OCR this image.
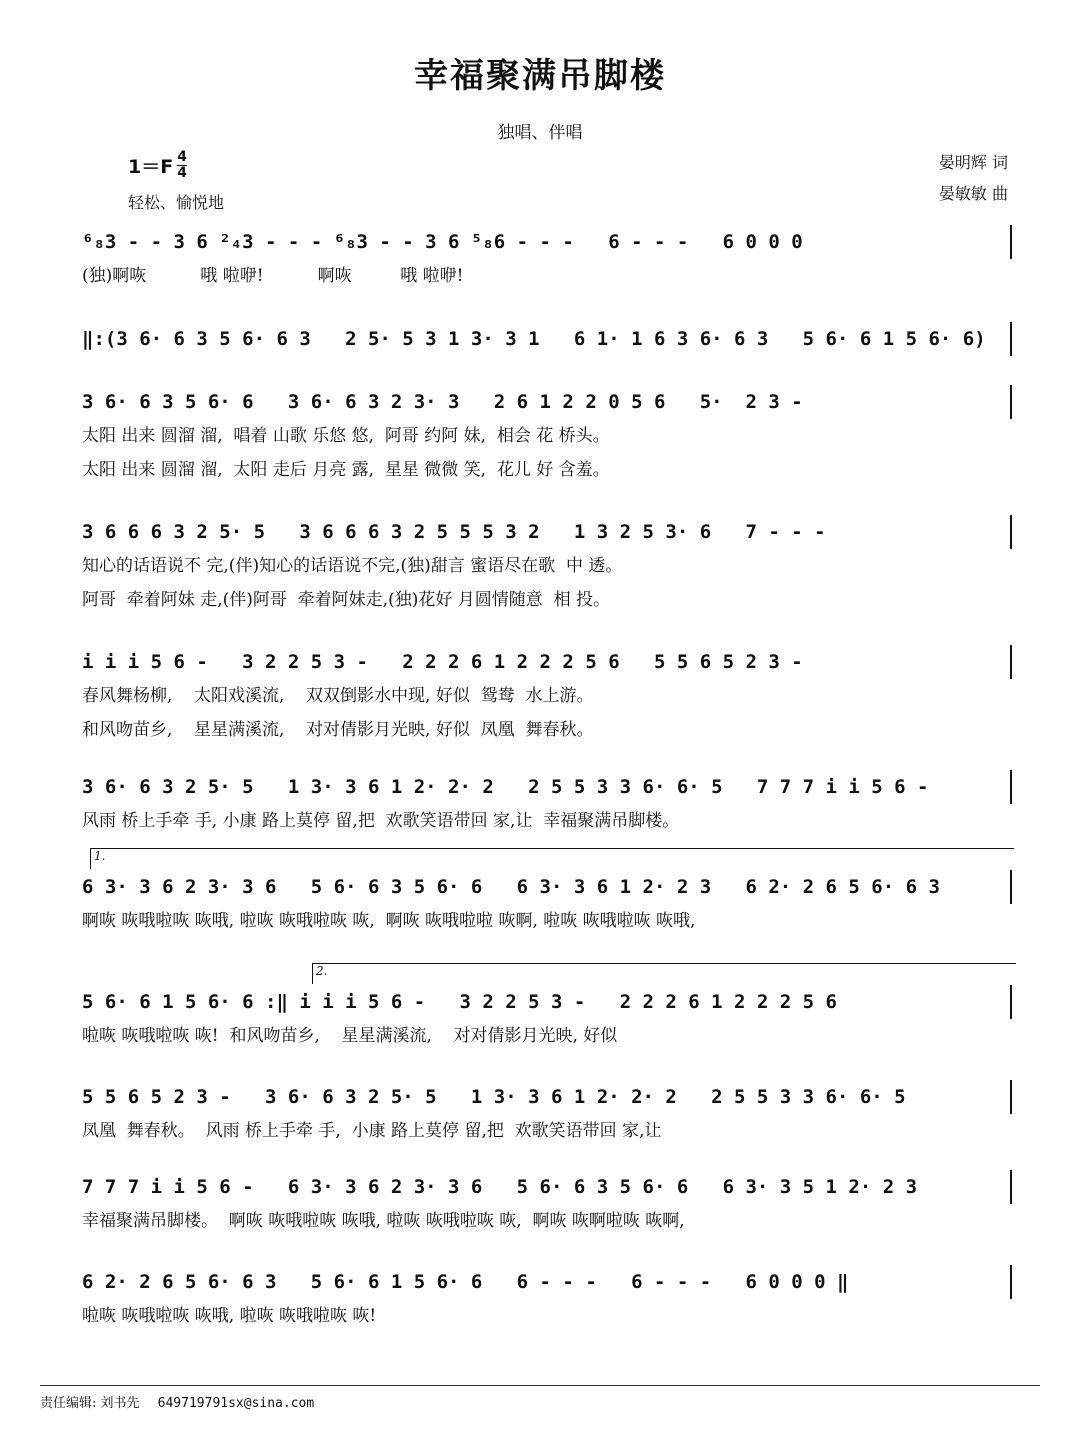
幸福聚满吊脚楼
独唱、伴唱
$1=F \frac{4}{4}$
轻松、愉悦地
晏明辉 词
晏敏敏 曲
⁶₈3 - - 3 6 ²₄3 - - - ⁶₈3 - - 3 6 ⁵₈6 - - -   6 - - -   6 0 0 0
(独)啊咴          哦 啦咿!          啊咴         哦 啦咿!
‖:(3 6· 6 3 5 6· 6 3   2 5· 5 3 1 3· 3 1   6 1· 1 6 3 6· 6 3   5 6· 6 1 5 6· 6)
3 6· 6 3 5 6· 6   3 6· 6 3 2 3· 3   2 6 1 2 2 0 5 6   5·  2 3 -
太阳 出来 圆溜 溜,  唱着 山歌 乐悠 悠,  阿哥 约阿 妹,  相会 花 桥头。
太阳 出来 圆溜 溜,  太阳 走后 月亮 露,  星星 微微 笑,  花儿 好 含羞。
3 6 6 6 3 2 5· 5   3 6 6 6 3 2 5 5 5 3 2   1 3 2 5 3· 6   7 - - -
知心的话语说不 完,(伴)知心的话语说不完,(独)甜言 蜜语尽在歌  中 透。
阿哥  牵着阿妹 走,(伴)阿哥  牵着阿妹走,(独)花好 月圆情随意  相 投。
i i i 5 6 -   3 2 2 5 3 -   2 2 2 6 1 2 2 2 5 6   5 5 6 5 2 3 -
春风舞杨柳,    太阳戏溪流,    双双倒影水中现, 好似  鸳鸯  水上游。
和风吻苗乡,    星星满溪流,    对对倩影月光映, 好似  凤凰  舞春秋。
3 6· 6 3 2 5· 5   1 3· 3 6 1 2· 2· 2   2 5 5 3 3 6· 6· 5   7 7 7 i i 5 6 -
风雨 桥上手牵 手, 小康 路上莫停 留,把  欢歌笑语带回 家,让  幸福聚满吊脚楼。
1.
6 3· 3 6 2 3· 3 6   5 6· 6 3 5 6· 6   6 3· 3 6 1 2· 2 3   6 2· 2 6 5 6· 6 3
啊咴 咴哦啦咴 咴哦, 啦咴 咴哦啦咴 咴,  啊咴 咴哦啦啦 咴啊, 啦咴 咴哦啦咴 咴哦,
2.
5 6· 6 1 5 6· 6 :‖ i i i 5 6 -   3 2 2 5 3 -   2 2 2 6 1 2 2 2 5 6
啦咴 咴哦啦咴 咴!  和风吻苗乡,    星星满溪流,    对对倩影月光映, 好似
5 5 6 5 2 3 -   3 6· 6 3 2 5· 5   1 3· 3 6 1 2· 2· 2   2 5 5 3 3 6· 6· 5
凤凰  舞春秋。  风雨 桥上手牵 手,  小康 路上莫停 留,把  欢歌笑语带回 家,让
7 7 7 i i 5 6 -   6 3· 3 6 2 3· 3 6   5 6· 6 3 5 6· 6   6 3· 3 5 1 2· 2 3
幸福聚满吊脚楼。  啊咴 咴哦啦咴 咴哦, 啦咴 咴哦啦咴 咴,  啊咴 咴啊啦咴 咴啊,
6 2· 2 6 5 6· 6 3   5 6· 6 1 5 6· 6   6 - - -   6 - - -   6 0 0 0 ‖
啦咴 咴哦啦咴 咴哦, 啦咴 咴哦啦咴 咴!
责任编辑: 刘书先 649719791sx@sina.com
